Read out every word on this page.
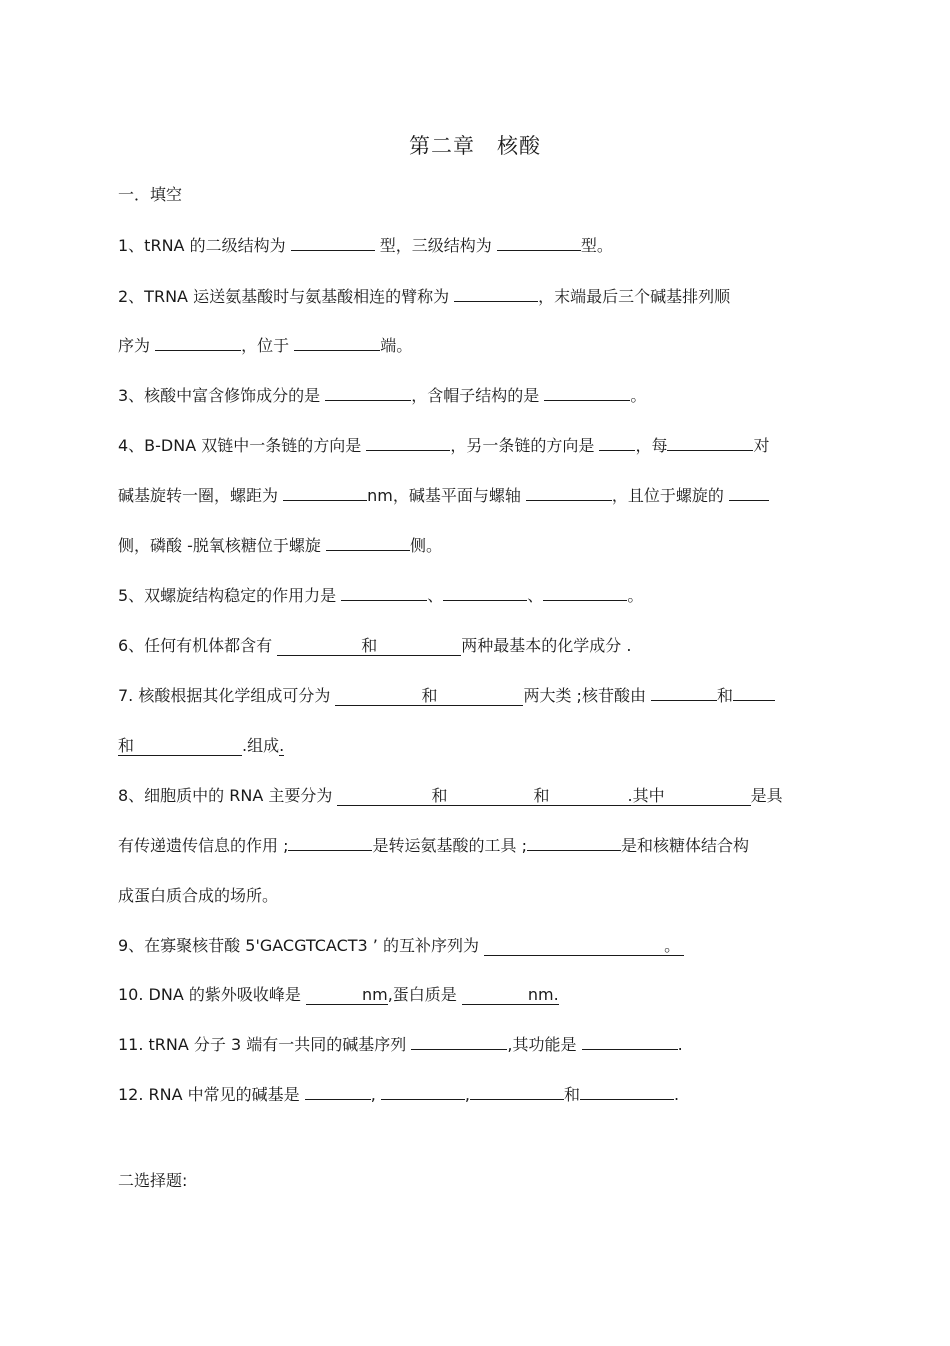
第二章　核酸
一．填空
1、tRNA 的二级结构为	型，三级结构为	型。
2、TRNA 运送氨基酸时与氨基酸相连的臂称为	，末端最后三个碱基排列顺
序为	，位于	端。
3、核酸中富含修饰成分的是	，含帽子结构的是	。
4、B-DNA 双链中一条链的方向是	，另一条链的方向是 ，每	对
碱基旋转一圈，螺距为	nm，碱基平面与螺轴	，且位于螺旋的
侧，磷酸 -脱氧核糖位于螺旋	侧。
5、双螺旋结构稳定的作用力是	、	、	。
6、任何有机体都含有	和	两种最基本的化学成分 .
7. 核酸根据其化学组成可分为	和	两大类 ;核苷酸由	和
和	.组成.
8、细胞质中的 RNA 主要分为	和	和	.其中	是具
有传递遗传信息的作用 ;	是转运氨基酸的工具 ;	是和核糖体结合构
成蛋白质合成的场所。
9、在寡聚核苷酸 5'GACGTCACT3 ’ 的互补序列为	。
10. DNA 的紫外吸收峰是	nm,蛋白质是	nm.
11. tRNA 分子 3 端有一共同的碱基序列	,其功能是	.
12. RNA 中常见的碱基是	,	,	和	.
二选择题:
